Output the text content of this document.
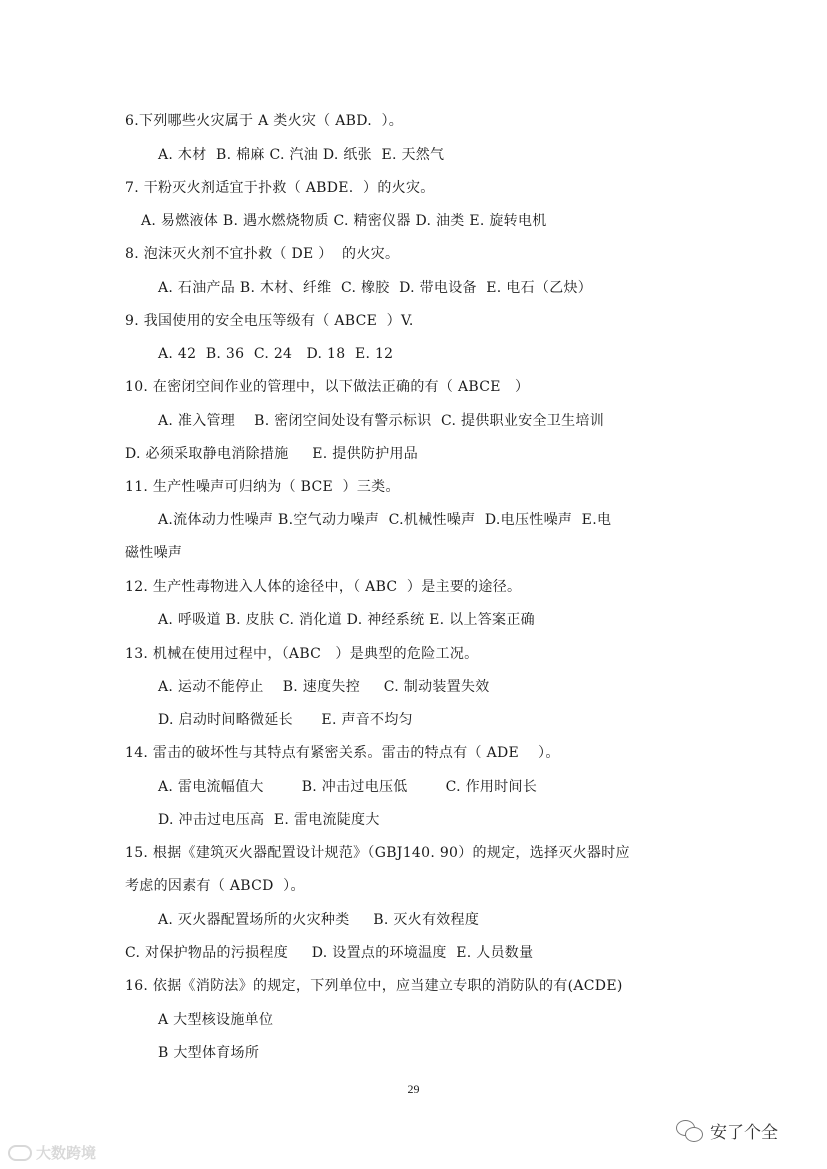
6.下列哪些火灾属于 A 类火灾（ ABD.  ）。
A. 木材  B. 棉麻 C. 汽油 D. 纸张  E. 天然气
7. 干粉灭火剂适宜于扑救（ ABDE.  ）的火灾。
A. 易燃液体 B. 遇水燃烧物质 C. 精密仪器 D. 油类 E. 旋转电机
8. 泡沫灭火剂不宜扑救（ DE ）  的火灾。
A. 石油产品 B. 木材、纤维  C. 橡胶  D. 带电设备  E. 电石（乙炔）
9. 我国使用的安全电压等级有（ ABCE  ）V.
A. 42  B. 36  C. 24   D. 18  E. 12
10. 在密闭空间作业的管理中，以下做法正确的有（ ABCE   ）
A. 准入管理    B. 密闭空间处设有警示标识  C. 提供职业安全卫生培训
D. 必须采取静电消除措施     E. 提供防护用品
11. 生产性噪声可归纳为（ BCE  ）三类。
A.流体动力性噪声 B.空气动力噪声  C.机械性噪声  D.电压性噪声  E.电
磁性噪声
12. 生产性毒物进入人体的途径中，（ ABC  ）是主要的途径。
A. 呼吸道 B. 皮肤 C. 消化道 D. 神经系统 E. 以上答案正确
13. 机械在使用过程中，（ABC   ）是典型的危险工况。
A. 运动不能停止    B. 速度失控     C. 制动装置失效
D. 启动时间略微延长      E. 声音不均匀
14. 雷击的破坏性与其特点有紧密关系。雷击的特点有（ ADE    ）。
A. 雷电流幅值大        B. 冲击过电压低        C. 作用时间长
D. 冲击过电压高  E. 雷电流陡度大
15. 根据《建筑灭火器配置设计规范》（GBJ140. 90）的规定，选择灭火器时应
考虑的因素有（ ABCD  ）。
A. 灭火器配置场所的火灾种类     B. 灭火有效程度
C. 对保护物品的污损程度     D. 设置点的环境温度  E. 人员数量
16. 依据《消防法》的规定，下列单位中，应当建立专职的消防队的有(ACDE)
A 大型核设施单位
B 大型体育场所
29
大数跨境
安了个全
